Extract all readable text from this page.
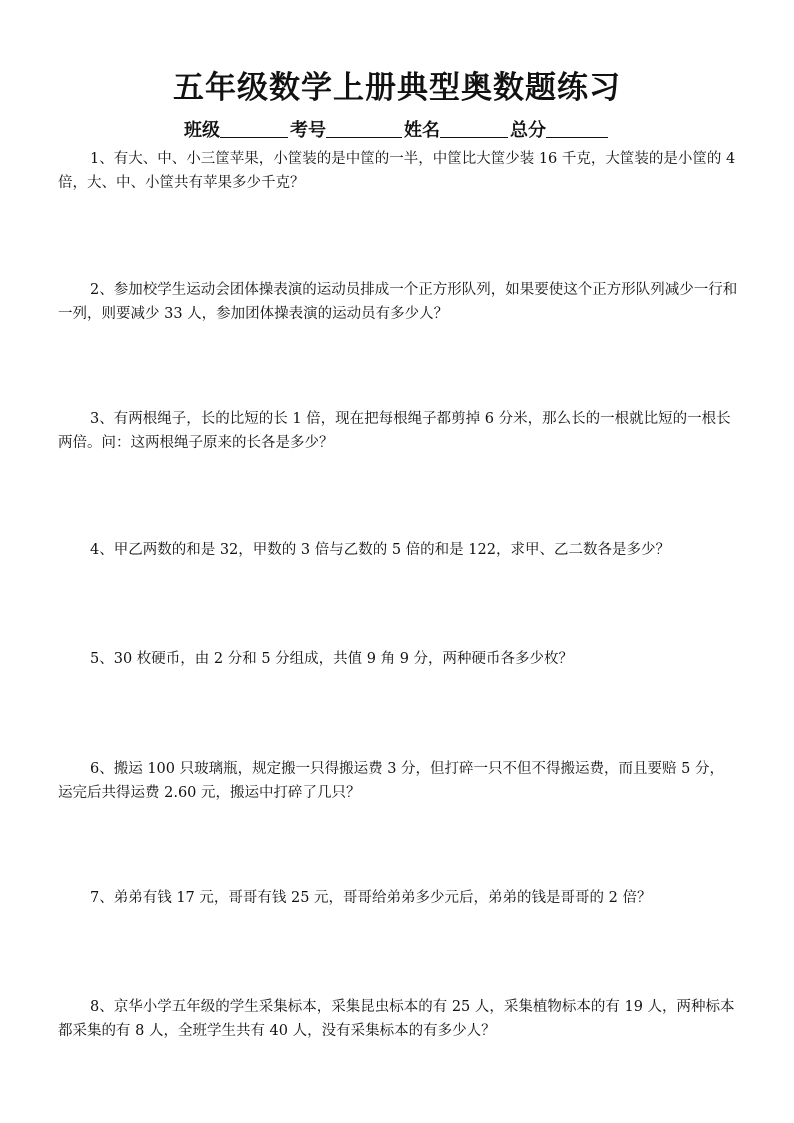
五年级数学上册典型奥数题练习
班级	考号	姓名	总分

1、有大、中、小三筐苹果，小筐装的是中筐的一半，中筐比大筐少装 16 千克，大筐装的是小筐的 4 倍，大、中、小筐共有苹果多少千克？

2、参加校学生运动会团体操表演的运动员排成一个正方形队列，如果要使这个正方形队列减少一行和一列，则要减少 33 人，参加团体操表演的运动员有多少人？

3、有两根绳子，长的比短的长 1 倍，现在把每根绳子都剪掉 6 分米，那么长的一根就比短的一根长两倍。问：这两根绳子原来的长各是多少？

4、甲乙两数的和是 32，甲数的 3 倍与乙数的 5 倍的和是 122，求甲、乙二数各是多少？

5、30 枚硬币，由 2 分和 5 分组成，共值 9 角 9 分，两种硬币各多少枚？

6、搬运 100 只玻璃瓶，规定搬一只得搬运费 3 分，但打碎一只不但不得搬运费，而且要赔 5 分，运完后共得运费 2.60 元，搬运中打碎了几只？

7、弟弟有钱 17 元，哥哥有钱 25 元，哥哥给弟弟多少元后，弟弟的钱是哥哥的 2 倍？

8、京华小学五年级的学生采集标本，采集昆虫标本的有 25 人，采集植物标本的有 19 人，两种标本都采集的有 8 人，全班学生共有 40 人，没有采集标本的有多少人？
